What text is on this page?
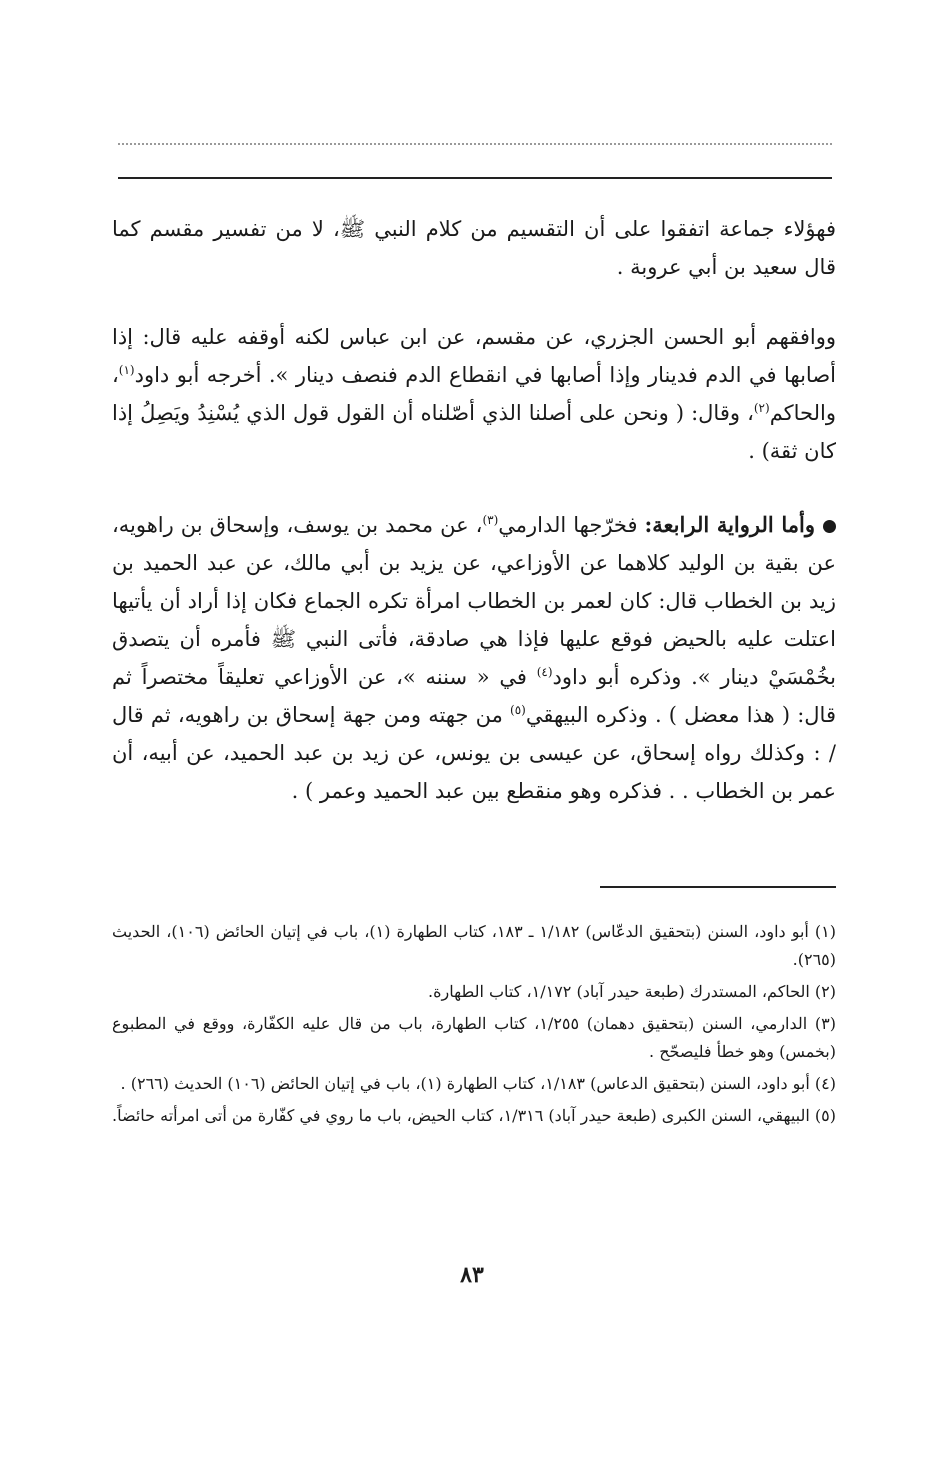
فهؤلاء جماعة اتفقوا على أن التقسيم من كلام النبي ﷺ، لا من تفسير مقسم كما قال سعيد بن أبي عروبة .

ووافقهم أبو الحسن الجزري، عن مقسم، عن ابن عباس لكنه أوقفه عليه قال: إذا أصابها في الدم فدينار وإذا أصابها في انقطاع الدم فنصف دينار ». أخرجه أبو داود$^{(١)}$، والحاكم$^{(٢)}$، وقال: ( ونحن على أصلنا الذي أصّلناه أن القول قول الذي يُسْنِدُ ويَصِلُ إذا كان ثقة) .

وأما الرواية الرابعة: فخرّجها الدارمي$^{(٣)}$، عن محمد بن يوسف، وإسحاق بن راهويه، عن بقية بن الوليد كلاهما عن الأوزاعي، عن يزيد بن أبي مالك، عن عبد الحميد بن زيد بن الخطاب قال: كان لعمر بن الخطاب امرأة تكره الجماع فكان إذا أراد أن يأتيها اعتلت عليه بالحيض فوقع عليها فإذا هي صادقة، فأتى النبي ﷺ فأمره أن يتصدق بخُمْسَيْ دينار ». وذكره أبو داود$^{(٤)}$ في « سننه »، عن الأوزاعي تعليقاً مختصراً ثم قال: ( هذا معضل ) . وذكره البيهقي$^{(٥)}$ من جهته ومن جهة إسحاق بن راهويه، ثم قال / : وكذلك رواه إسحاق، عن عيسى بن يونس، عن زيد بن عبد الحميد، عن أبيه، أن عمر بن الخطاب . . فذكره وهو منقطع بين عبد الحميد وعمر ) .

(١) أبو داود، السنن (بتحقيق الدعّاس) ١/١٨٢ ـ ١٨٣، كتاب الطهارة (١)، باب في إتيان الحائض (١٠٦)، الحديث (٢٦٥).

(٢) الحاكم، المستدرك (طبعة حيدر آباد) ١/١٧٢، كتاب الطهارة.

(٣) الدارمي، السنن (بتحقيق دهمان) ١/٢٥٥، كتاب الطهارة، باب من قال عليه الكفّارة، ووقع في المطبوع (بخمس) وهو خطأ فليصحّح .

(٤) أبو داود، السنن (بتحقيق الدعاس) ١/١٨٣، كتاب الطهارة (١)، باب في إتيان الحائض (١٠٦) الحديث (٢٦٦) .

(٥) البيهقي، السنن الكبرى (طبعة حيدر آباد) ١/٣١٦، كتاب الحيض، باب ما روي في كفّارة من أتى امرأته حائضاً.

٨٣
